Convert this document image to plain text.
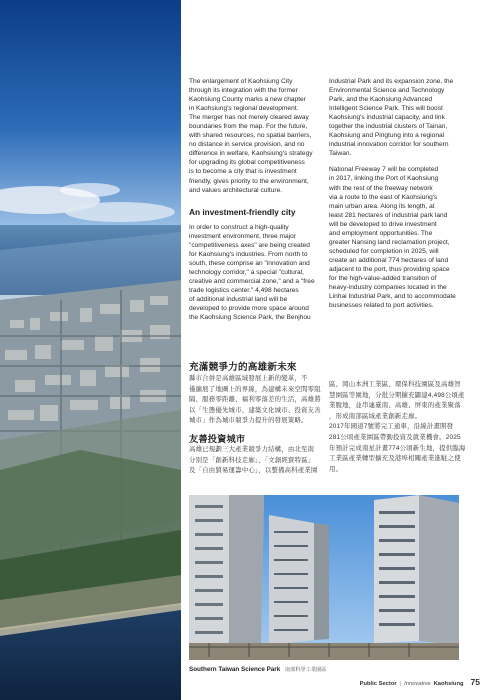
The enlargement of Kaohsiung City
through its integration with the former
Kaohsiung County marks a new chapter
in Kaohsiung's regional development.
The merger has not merely cleared away
boundaries from the map. For the future,
with shared resources, no spatial barriers,
no distance in service provision, and no
difference in welfare, Kaohsiung's strategy
for upgrading its global competitiveness
is to become a city that is investment
friendly, gives priority to the environment,
and values architectural culture.

An investment-friendly city

In order to construct a high-quality
investment environment, three major
"competitiveness axes" are being created
for Kaohsiung's industries. From north to
south, these comprise an "innovation and
technology corridor," a special "cultural,
creative and commercial zone," and a "free
trade logistics center." 4,498 hectares
of additional industrial land will be
developed to provide more space around
the Kaohsiung Science Park, the Benjhou

Industrial Park and its expansion zone, the
Environmental Science and Technology
Park, and the Kaohsiung Advanced
Intelligent Science Park. This will boost
Kaohsiung's industrial capacity, and link
together the industrial clusters of Tainan,
Kaohsiung and Pingtung into a regional
industrial innovation corridor for southern
Taiwan.

National Freeway 7 will be completed
in 2017, linking the Port of Kaohsiung
with the rest of the freeway network
via a route to the east of Kaohsiung's
main urban area. Along its length, at
least 281 hectares of industrial park land
will be developed to drive investment
and employment opportunities. The
greater Nansing land reclamation project,
scheduled for completion in 2025, will
create an additional 774 hectares of land
adjacent to the port, thus providing space
for the high-value-added transition of
heavy-industry companies located in the
Linhai Industrial Park, and to accommodate
businesses related to port activities.

充滿競爭力的高雄新未來

縣市合併是高雄區域發展上新的變革，不
僅擴展了地圖上的界線，為建構未來空間零阻
隔、服務零距離、福利零落差的生活，高雄將
以「生態優先城市、建築文化城市、投資友善
城市」作為城市競爭力提升的發展策略。

友善投資城市

高雄已規劃三大產業競爭力結構，由北至南
分別是「創新科技走廊」、「文創經貿特區」
及「自由貿易運籌中心」，以整備高科產業園

區、岡山本洲工業區、環保科技園區及高雄智
慧園區等園地，分批分期擴充闢建4,498公頃產
業腹地，並串連臺南、高雄、屏東的產業聚落
，形成南部區域產業創新走廊。

2017年國道7號將完工通車，沿線計畫開發
281公頃產業園區帶動投資及就業機會。2025
年預計完成南星計畫774公頃新生地，提供臨海
工業區產業轉型擴充及港埠相關產業進駐之使用。

Southern Taiwan Science Park 南部科學工業園區
Public Sector | Innovative Kaohsiung 75
